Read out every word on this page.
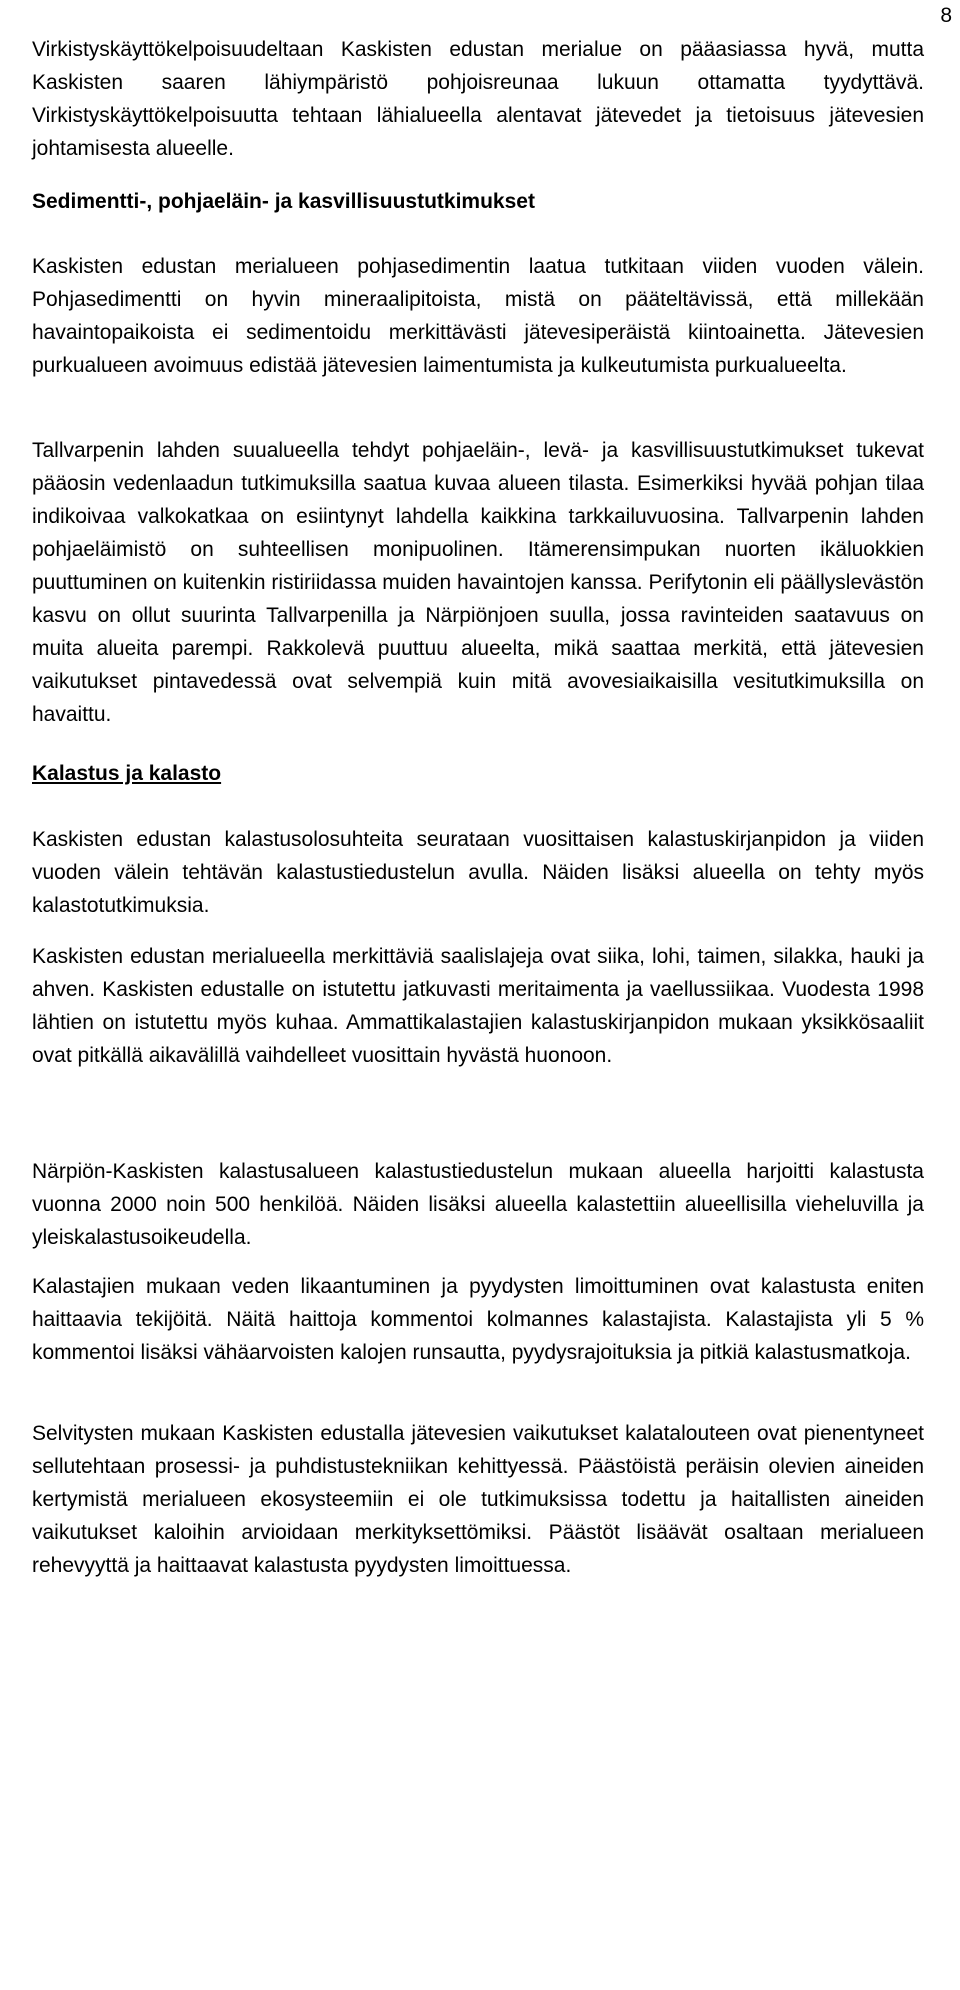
8

Virkistyskäyttökelpoisuudeltaan Kaskisten edustan merialue on pääasiassa hyvä, mutta Kaskisten saaren lähiympäristö pohjoisreunaa lukuun ottamatta tyydyttävä. Virkistyskäyttökelpoisuutta tehtaan lähialueella alentavat jätevedet ja tietoisuus jätevesien johtamisesta alueelle.

Sedimentti-, pohjaeläin- ja kasvillisuustutkimukset

Kaskisten edustan merialueen pohjasedimentin laatua tutkitaan viiden vuoden välein. Pohjasedimentti on hyvin mineraalipitoista, mistä on pääteltävissä, että millekään havaintopaikoista ei sedimentoidu merkittävästi jätevesiperäistä kiintoainetta. Jätevesien purkualueen avoimuus edistää jätevesien laimentumista ja kulkeutumista purkualueelta.

Tallvarpenin lahden suualueella tehdyt pohjaeläin-, levä- ja kasvillisuustutkimukset tukevat pääosin vedenlaadun tutkimuksilla saatua kuvaa alueen tilasta. Esimerkiksi hyvää pohjan tilaa indikoivaa valkokatkaa on esiintynyt lahdella kaikkina tarkkailuvuosina. Tallvarpenin lahden pohjaeläimistö on suhteellisen monipuolinen. Itämerensimpukan nuorten ikäluokkien puuttuminen on kuitenkin ristiriidassa muiden havaintojen kanssa. Perifytonin eli päällyslevästön kasvu on ollut suurinta Tallvarpenilla ja Närpiönjoen suulla, jossa ravinteiden saatavuus on muita alueita parempi. Rakkolevä puuttuu alueelta, mikä saattaa merkitä, että jätevesien vaikutukset pintavedessä ovat selvempiä kuin mitä avovesiaikaisilla vesitutkimuksilla on havaittu.

Kalastus ja kalasto

Kaskisten edustan kalastusolosuhteita seurataan vuosittaisen kalastuskirjanpidon ja viiden vuoden välein tehtävän kalastustiedustelun avulla. Näiden lisäksi alueella on tehty myös kalastotutkimuksia.

Kaskisten edustan merialueella merkittäviä saalislajeja ovat siika, lohi, taimen, silakka, hauki ja ahven. Kaskisten edustalle on istutettu jatkuvasti meritaimenta ja vaellussiikaa. Vuodesta 1998 lähtien on istutettu myös kuhaa. Ammattikalastajien kalastuskirjanpidon mukaan yksikkösaaliit ovat pitkällä aikavälillä vaihdelleet vuosittain hyvästä huonoon.

Närpiön-Kaskisten kalastusalueen kalastustiedustelun mukaan alueella harjoitti kalastusta vuonna 2000 noin 500 henkilöä. Näiden lisäksi alueella kalastettiin alueellisilla vieheluvilla ja yleiskalastusoikeudella.

Kalastajien mukaan veden likaantuminen ja pyydysten limoittuminen ovat kalastusta eniten haittaavia tekijöitä. Näitä haittoja kommentoi kolmannes kalastajista. Kalastajista yli 5 % kommentoi lisäksi vähäarvoisten kalojen runsautta, pyydysrajoituksia ja pitkiä kalastusmatkoja.

Selvitysten mukaan Kaskisten edustalla jätevesien vaikutukset kalatalouteen ovat pienentyneet sellutehtaan prosessi- ja puhdistustekniikan kehittyessä. Päästöistä peräisin olevien aineiden kertymistä merialueen ekosysteemiin ei ole tutkimuksissa todettu ja haitallisten aineiden vaikutukset kaloihin arvioidaan merkityksettömiksi. Päästöt lisäävät osaltaan merialueen rehevyyttä ja haittaavat kalastusta pyydysten limoittuessa.
